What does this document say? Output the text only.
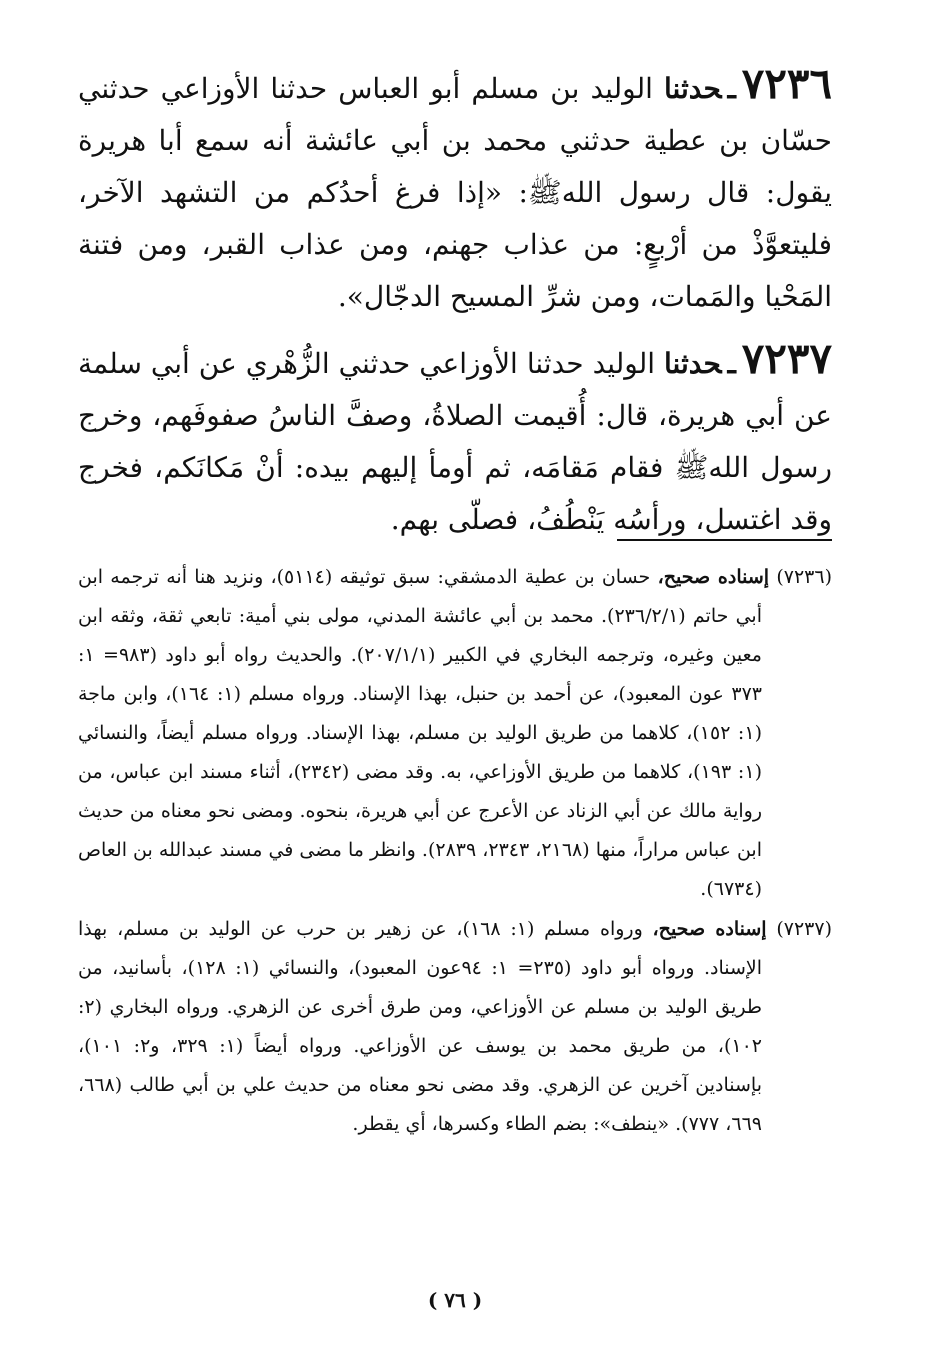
٧٢٣٦ـحدثنا الوليد بن مسلم أبو العباس حدثنا الأوزاعي حدثني حسّان بن عطية حدثني محمد بن أبي عائشة أنه سمع أبا هريرة يقول: قال رسول اللهﷺ: «إذا فرغ أحدُكم من التشهد الآخر، فليتعوَّذْ من أرْبعٍ: من عذاب جهنم، ومن عذاب القبر، ومن فتنة المَحْيا والمَمات، ومن شرِّ المسيح الدجّال».

٧٢٣٧ـحدثنا الوليد حدثنا الأوزاعي حدثني الزُّهْري عن أبي سلمة عن أبي هريرة، قال: أُقيمت الصلاةُ، وصفَّ الناسُ صفوفَهم، وخرج رسول اللهﷺ فقام مَقامَه، ثم أومأ إليهم بيده: أنْ مَكانَكم، فخرج وقد اغتسل، ورأسُه يَنْطُفُ، فصلّى بهم.

(٧٢٣٦) إسناده صحيح، حسان بن عطية الدمشقي: سبق توثيقه (٥١١٤)، ونزيد هنا أنه ترجمه ابن أبي حاتم (٢٣٦/٢/١). محمد بن أبي عائشة المدني، مولى بني أمية: تابعي ثقة، وثقه ابن معين وغيره، وترجمه البخاري في الكبير (٢٠٧/١/١). والحديث رواه أبو داود (٩٨٣= ١: ٣٧٣ عون المعبود)، عن أحمد بن حنبل، بهذا الإسناد. ورواه مسلم (١: ١٦٤)، وابن ماجة (١: ١٥٢)، كلاهما من طريق الوليد بن مسلم، بهذا الإسناد. ورواه مسلم أيضاً، والنسائي (١: ١٩٣)، كلاهما من طريق الأوزاعي، به. وقد مضى (٢٣٤٢)، أثناء مسند ابن عباس، من رواية مالك عن أبي الزناد عن الأعرج عن أبي هريرة، بنحوه. ومضى نحو معناه من حديث ابن عباس مراراً، منها (٢١٦٨، ٢٣٤٣، ٢٨٣٩). وانظر ما مضى في مسند عبدالله بن العاص (٦٧٣٤).

(٧٢٣٧) إسناده صحيح، ورواه مسلم (١: ١٦٨)، عن زهير بن حرب عن الوليد بن مسلم، بهذا الإسناد. ورواه أبو داود (٢٣٥= ١: ٩٤عون المعبود)، والنسائي (١: ١٢٨)، بأسانيد، من طريق الوليد بن مسلم عن الأوزاعي، ومن طرق أخرى عن الزهري. ورواه البخاري (٢: ١٠٢)، من طريق محمد بن يوسف عن الأوزاعي. ورواه أيضاً (١: ٣٢٩، و٢: ١٠١)، بإسنادين آخرين عن الزهري. وقد مضى نحو معناه من حديث علي بن أبي طالب (٦٦٨، ٦٦٩، ٧٧٧). «ينطف»: بضم الطاء وكسرها، أي يقطر.

( ٧٦ )
